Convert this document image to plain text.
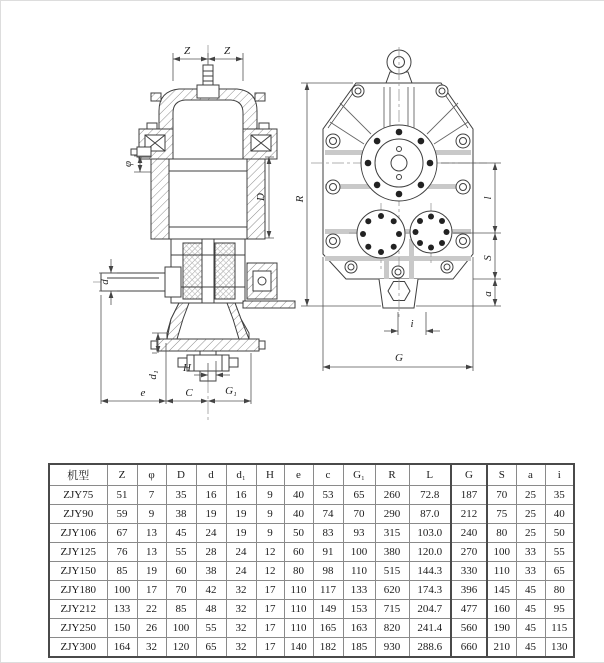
Z	Z
φ
D
d
d₁
H
e	C	G₁
R	l
S
a
i
G
机型	Z	φ	D	d	d₁	H	e	c	G₁	R	L	G	S	a	i
ZJY75	51	7	35	16	16	9	40	53	65	260	72.8	187	70	25	35
ZJY90	59	9	38	19	19	9	40	74	70	290	87.0	212	75	25	40
ZJY106	67	13	45	24	19	9	50	83	93	315	103.0	240	80	25	50
ZJY125	76	13	55	28	24	12	60	91	100	380	120.0	270	100	33	55
ZJY150	85	19	60	38	24	12	80	98	110	515	144.3	330	110	33	65
ZJY180	100	17	70	42	32	17	110	117	133	620	174.3	396	145	45	80
ZJY212	133	22	85	48	32	17	110	149	153	715	204.7	477	160	45	95
ZJY250	150	26	100	55	32	17	110	165	163	820	241.4	560	190	45	115
ZJY300	164	32	120	65	32	17	140	182	185	930	288.6	660	210	45	130
